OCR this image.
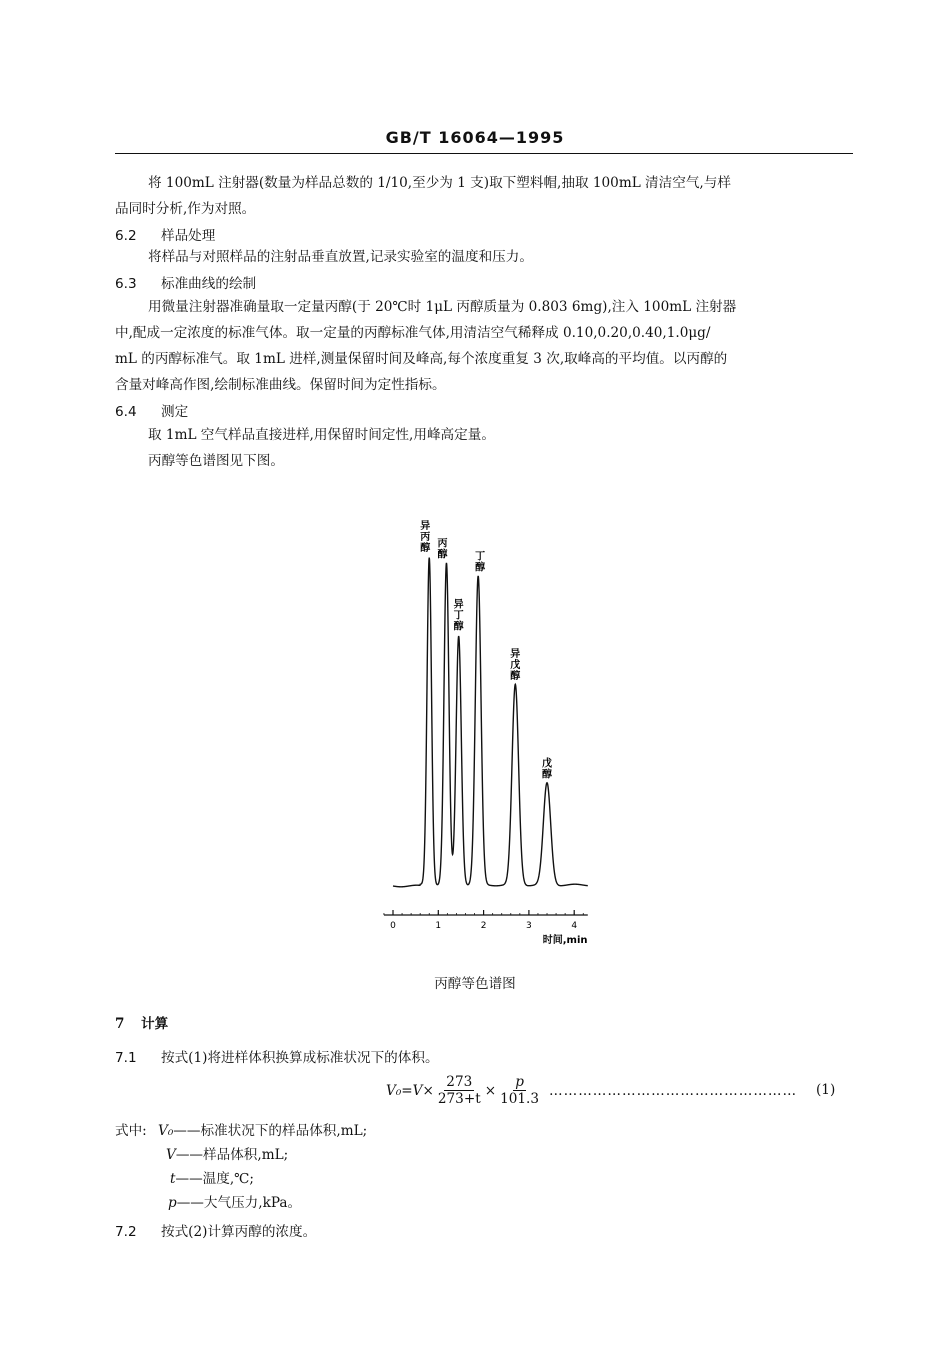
GB/T 16064—1995
将 100mL 注射器(数量为样品总数的 1/10,至少为 1 支)取下塑料帽,抽取 100mL 清洁空气,与样
品同时分析,作为对照。
6.2 样品处理
将样品与对照样品的注射品垂直放置,记录实验室的温度和压力。
6.3 标准曲线的绘制
用微量注射器准确量取一定量丙醇(于 20℃时 1μL 丙醇质量为 0.803 6mg),注入 100mL 注射器
中,配成一定浓度的标准气体。取一定量的丙醇标准气体,用清洁空气稀释成 0.10,0.20,0.40,1.0μg/
mL 的丙醇标准气。取 1mL 进样,测量保留时间及峰高,每个浓度重复 3 次,取峰高的平均值。以丙醇的
含量对峰高作图,绘制标准曲线。保留时间为定性指标。
6.4 测定
取 1mL 空气样品直接进样,用保留时间定性,用峰高定量。
丙醇等色谱图见下图。
0	1	2	3	4
异丙醇 丙醇
异丁醇
丁醇
异戊醇
戊醇
时间,min
丙醇等色谱图
7 计算
7.1 按式(1)将进样体积换算成标准状况下的体积。
$V_0=V\times \frac{273}{273+t} \times \frac{p}{101.3}$ …………………………………………… (1)
式中: V₀——标准状况下的样品体积,mL;
V——样品体积,mL;
t——温度,℃;
p——大气压力,kPa。
7.2 按式(2)计算丙醇的浓度。
